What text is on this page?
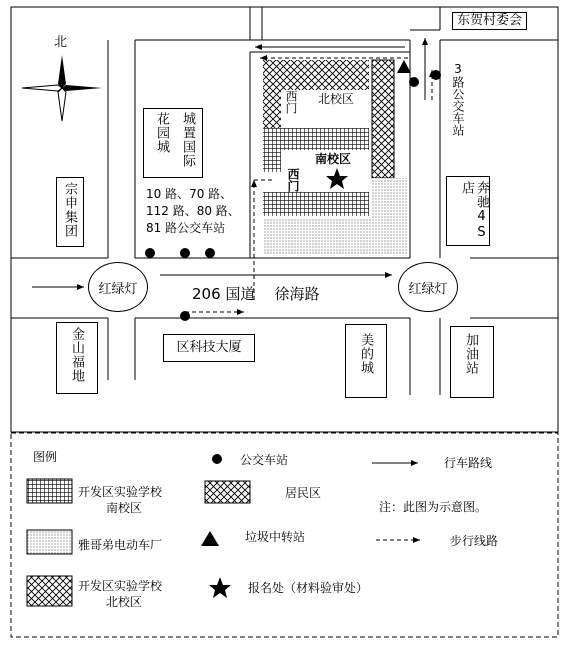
北
东贺村委会
城置国际
花园城
宗申集团	10 路、70 路、
112 路、80 路、
81 路公交车站
3路公交车站
奔驰4S店
北校区
西门
南校区
西门
红绿灯	红绿灯
206 国道    徐海路
金山福地	区科技大厦	美的城	加油站
图例	公交车站	行车路线
开发区实验学校
南校区
居民区
注：此图为示意图。
雅哥弟电动车厂
垃圾中转站	步行线路
开发区实验学校
北校区
报名处（材料验审处）
